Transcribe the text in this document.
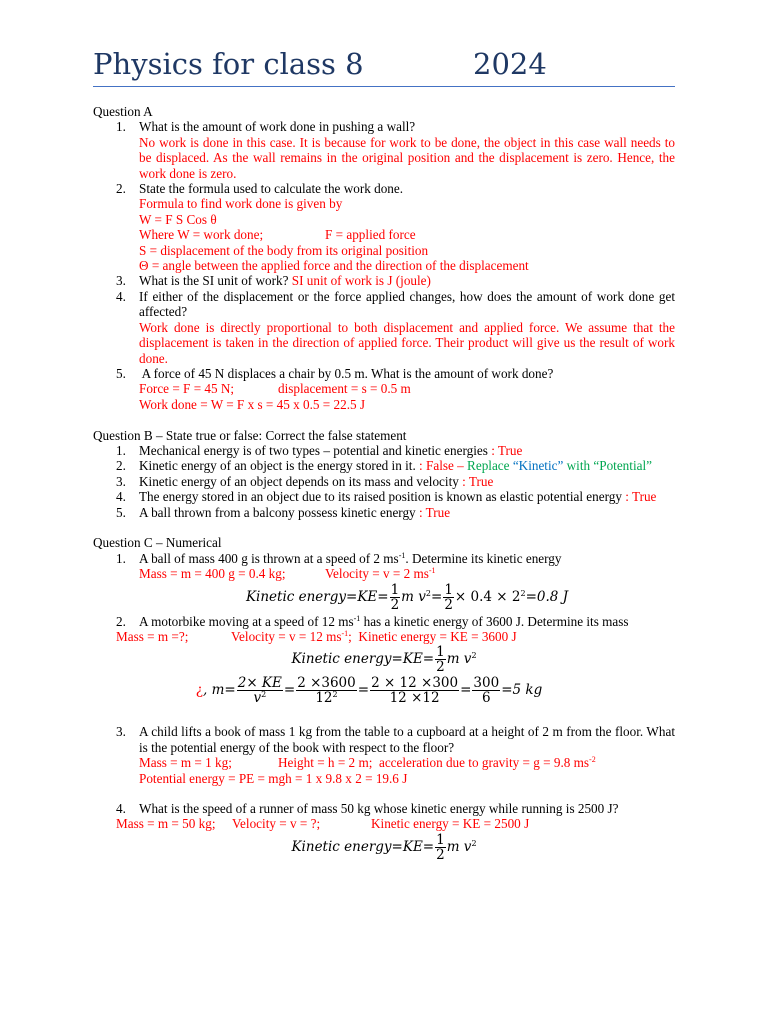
Physics for class 8	2024
Question A
1. What is the amount of work done in pushing a wall?
No work is done in this case. It is because for work to be done, the object in this case wall needs to be displaced. As the wall remains in the original position and the displacement is zero. Hence, the work done is zero.
2. State the formula used to calculate the work done.
Formula to find work done is given by
W = F S Cos θ
Where W = work done;	F = applied force
S = displacement of the body from its original position
Θ = angle between the applied force and the direction of the displacement
3. What is the SI unit of work? SI unit of work is J (joule)
4. If either of the displacement or the force applied changes, how does the amount of work done get affected?
Work done is directly proportional to both displacement and applied force. We assume that the displacement is taken in the direction of applied force. Their product will give us the result of work done.
5. A force of 45 N displaces a chair by 0.5 m. What is the amount of work done?
Force = F = 45 N;	displacement = s = 0.5 m
Work done = W = F x s = 45 x 0.5 = 22.5 J
Question B – State true or false: Correct the false statement
1. Mechanical energy is of two types – potential and kinetic energies : True
2. Kinetic energy of an object is the energy stored in it. : False – Replace “Kinetic” with “Potential”
3. Kinetic energy of an object depends on its mass and velocity : True
4. The energy stored in an object due to its raised position is known as elastic potential energy : True
5. A ball thrown from a balcony possess kinetic energy : True
Question C – Numerical
1. A ball of mass 400 g is thrown at a speed of 2 $ms^{-1}$. Determine its kinetic energy
Mass = m = 400 g = 0.4 kg;	Velocity = v = 2 $ms^{-1}$
Kinetic energy=KE= $\frac{1}{2}$ m $v^2= \frac{1}{2} \times 0.4 \times 2^2=0.8$ J
2. A motorbike moving at a speed of 12 $ms^{-1}$ has a kinetic energy of 3600 J. Determine its mass
Mass = m =?;	Velocity = v = 12 $ms^{-1}$; Kinetic energy = KE = 3600 J
Kinetic energy=KE= $\frac{1}{2}$ m $v^2$
¿, $m= \frac{2\times KE}{v^2} = \frac{2 \times 3600}{12^2} = \frac{2 \times 12 \times 300}{12 \times 12} = \frac{300}{6} =5$ kg
3. A child lifts a book of mass 1 kg from the table to a cupboard at a height of 2 m from the floor. What is the potential energy of the book with respect to the floor?
Mass = m = 1 kg;	Height = h = 2 m; acceleration due to gravity = g = 9.8 $ms^{-2}$
Potential energy = PE = mgh = 1 x 9.8 x 2 = 19.6 J
4. What is the speed of a runner of mass 50 kg whose kinetic energy while running is 2500 J?
Mass = m = 50 kg; Velocity = v = ?;	Kinetic energy = KE = 2500 J
Kinetic energy=KE= $\frac{1}{2}$ m $v^2$
